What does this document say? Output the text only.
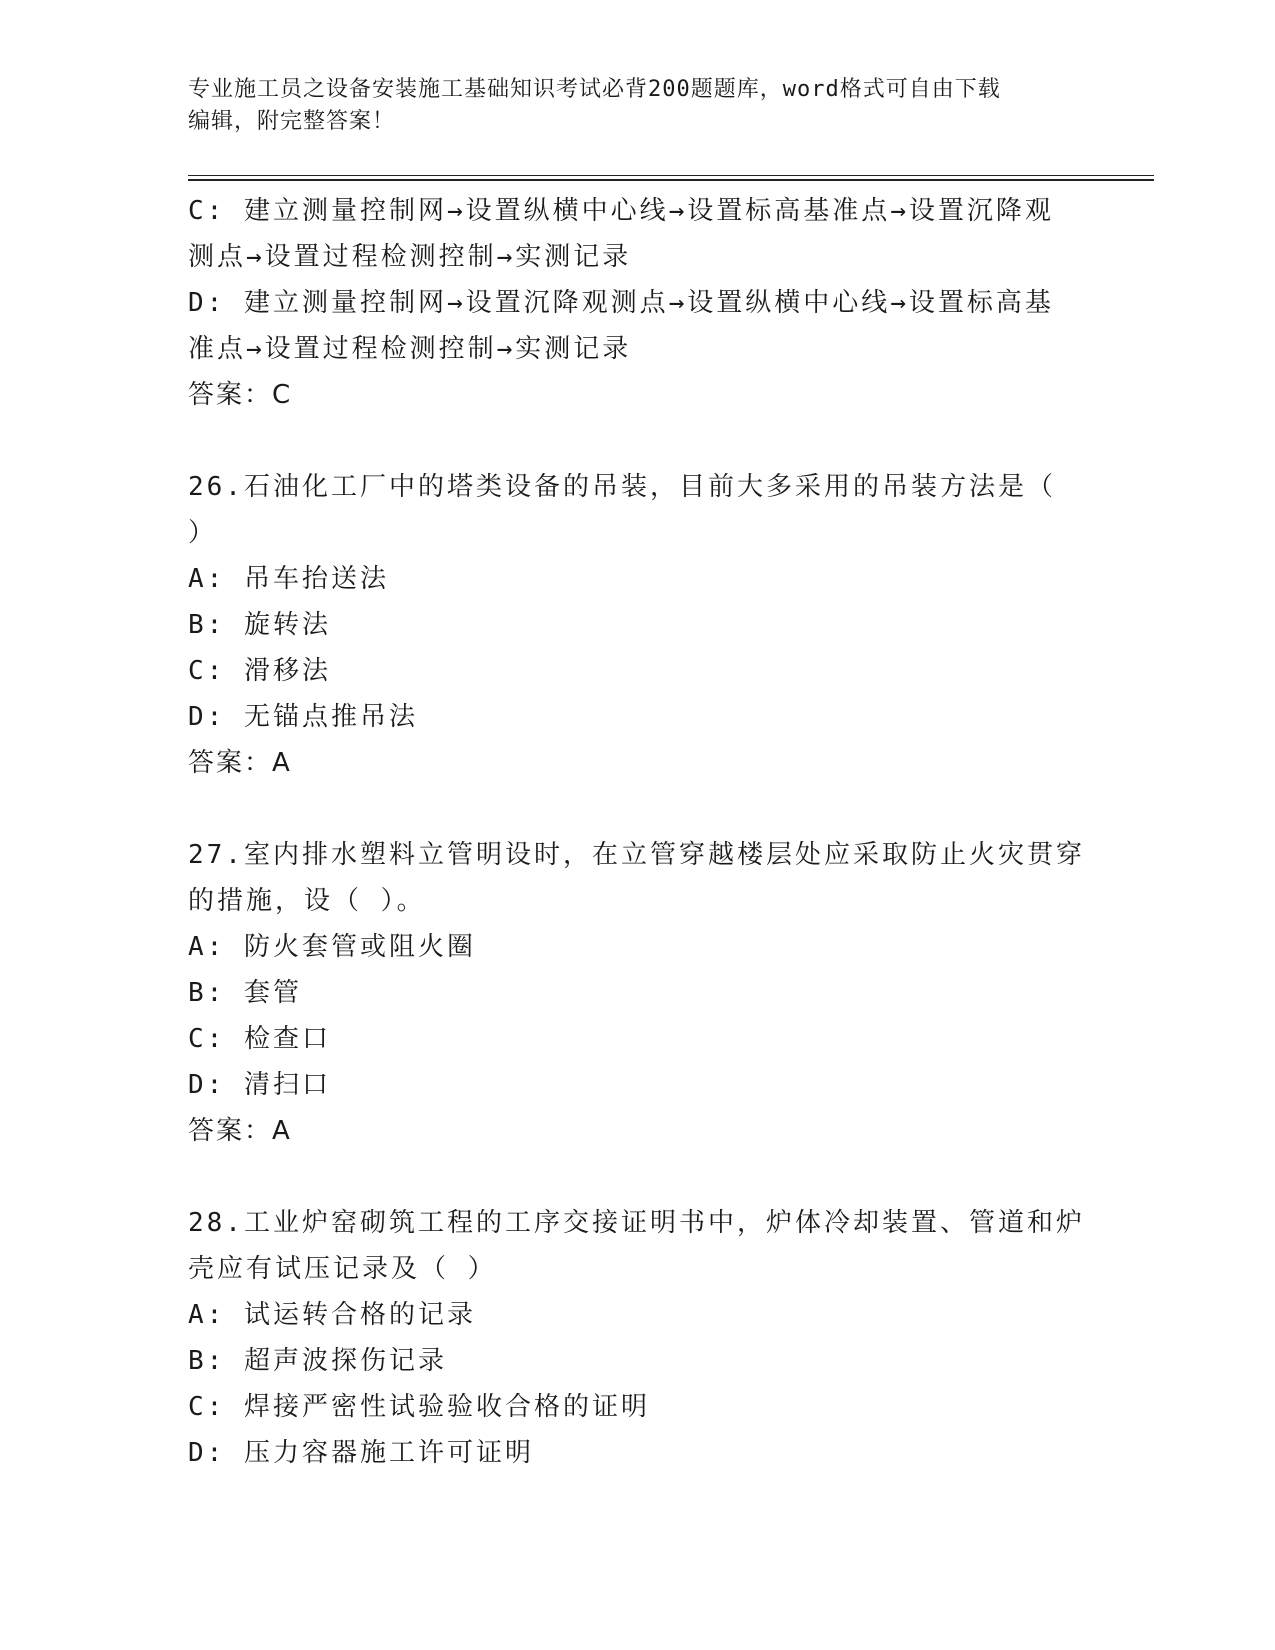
专业施工员之设备安装施工基础知识考试必背200题题库，word格式可自由下载
编辑，附完整答案！
C: 建立测量控制网→设置纵横中心线→设置标高基准点→设置沉降观
测点→设置过程检测控制→实测记录
D: 建立测量控制网→设置沉降观测点→设置纵横中心线→设置标高基
准点→设置过程检测控制→实测记录
答案：C
26.石油化工厂中的塔类设备的吊装，目前大多采用的吊装方法是（
）
A: 吊车抬送法
B: 旋转法
C: 滑移法
D: 无锚点推吊法
答案：A
27.室内排水塑料立管明设时，在立管穿越楼层处应采取防止火灾贯穿
的措施，设（ ）。
A: 防火套管或阻火圈
B: 套管
C: 检查口
D: 清扫口
答案：A
28.工业炉窑砌筑工程的工序交接证明书中，炉体冷却装置、管道和炉
壳应有试压记录及（ ）
A: 试运转合格的记录
B: 超声波探伤记录
C: 焊接严密性试验验收合格的证明
D: 压力容器施工许可证明
